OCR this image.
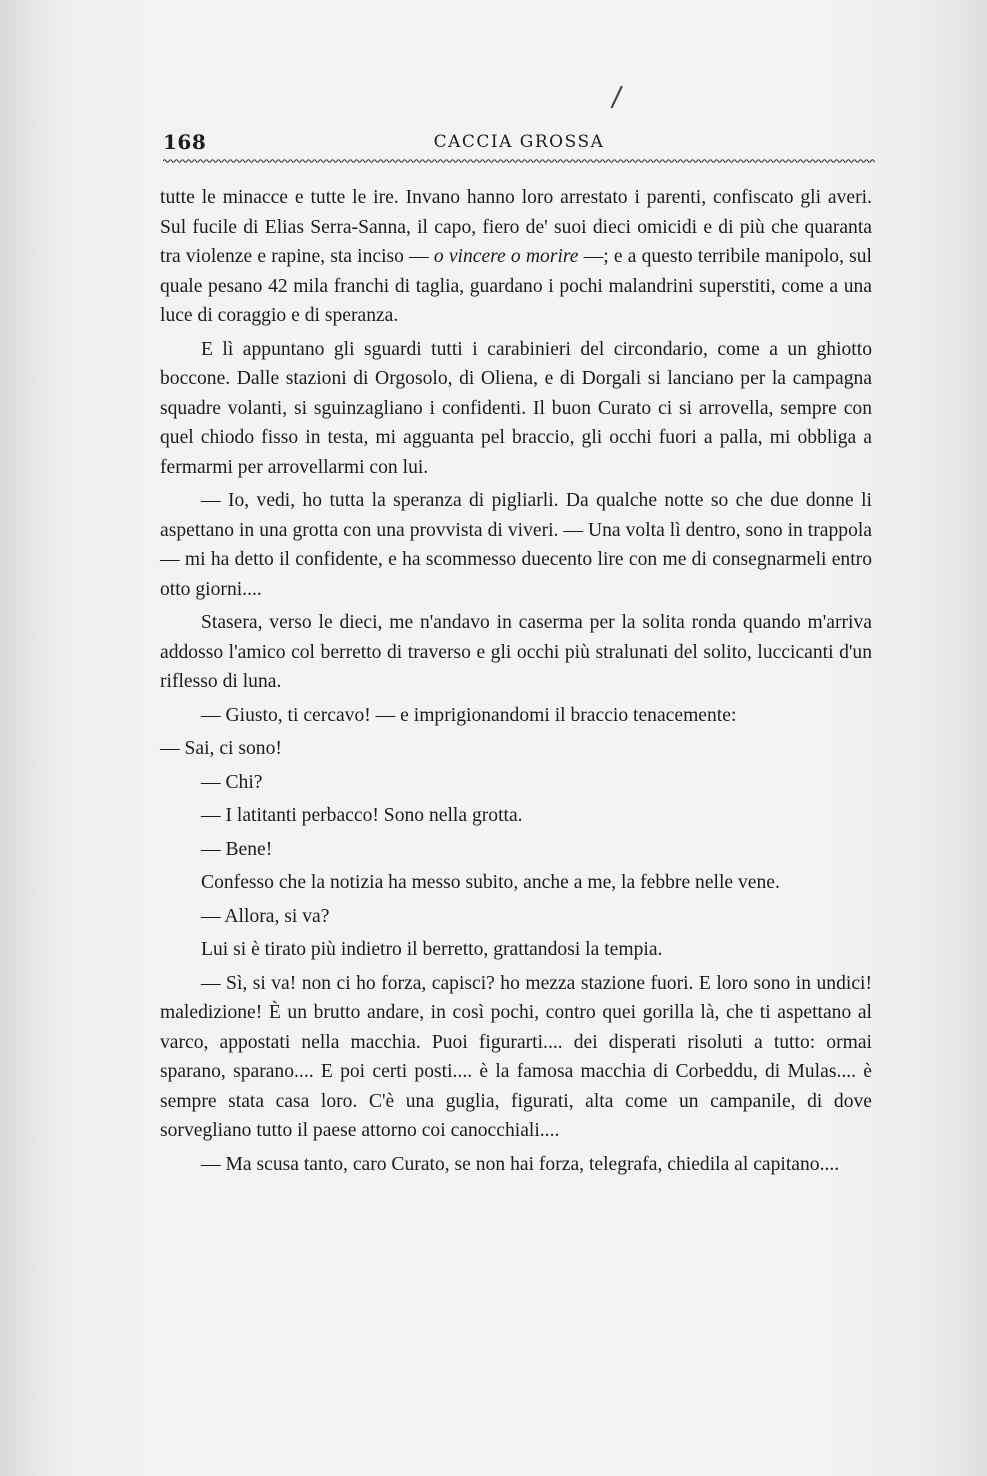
/
168	CACCIA GROSSA

tutte le minacce e tutte le ire. Invano hanno loro arrestato i parenti, confiscato gli averi. Sul fucile di Elias Serra-Sanna, il capo, fiero de' suoi dieci omicidi e di più che quaranta tra violenze e rapine, sta inciso — o vincere o morire —; e a questo terribile manipolo, sul quale pesano 42 mila franchi di taglia, guardano i pochi malandrini superstiti, come a una luce di coraggio e di speranza.

E lì appuntano gli sguardi tutti i carabinieri del circondario, come a un ghiotto boccone. Dalle stazioni di Orgosolo, di Oliena, e di Dorgali si lanciano per la campagna squadre volanti, si sguinzagliano i confidenti. Il buon Curato ci si arrovella, sempre con quel chiodo fisso in testa, mi agguanta pel braccio, gli occhi fuori a palla, mi obbliga a fermarmi per arrovellarmi con lui.

— Io, vedi, ho tutta la speranza di pigliarli. Da qualche notte so che due donne li aspettano in una grotta con una provvista di viveri. — Una volta lì dentro, sono in trappola — mi ha detto il confidente, e ha scommesso duecento lire con me di consegnarmeli entro otto giorni....

Stasera, verso le dieci, me n'andavo in caserma per la solita ronda quando m'arriva addosso l'amico col berretto di traverso e gli occhi più stralunati del solito, luccicanti d'un riflesso di luna.

— Giusto, ti cercavo! — e imprigionandomi il braccio tenacemente:

— Sai, ci sono!

— Chi?

— I latitanti perbacco! Sono nella grotta.

— Bene!

Confesso che la notizia ha messo subito, anche a me, la febbre nelle vene.

— Allora, si va?

Lui si è tirato più indietro il berretto, grattandosi la tempia.

— Sì, si va! non ci ho forza, capisci? ho mezza stazione fuori. E loro sono in undici! maledizione! È un brutto andare, in così pochi, contro quei gorilla là, che ti aspettano al varco, appostati nella macchia. Puoi figurarti.... dei disperati risoluti a tutto: ormai sparano, sparano.... E poi certi posti.... è la famosa macchia di Corbeddu, di Mulas.... è sempre stata casa loro. C'è una guglia, figurati, alta come un campanile, di dove sorvegliano tutto il paese attorno coi canocchiali....

— Ma scusa tanto, caro Curato, se non hai forza, telegrafa, chiedila al capitano....
